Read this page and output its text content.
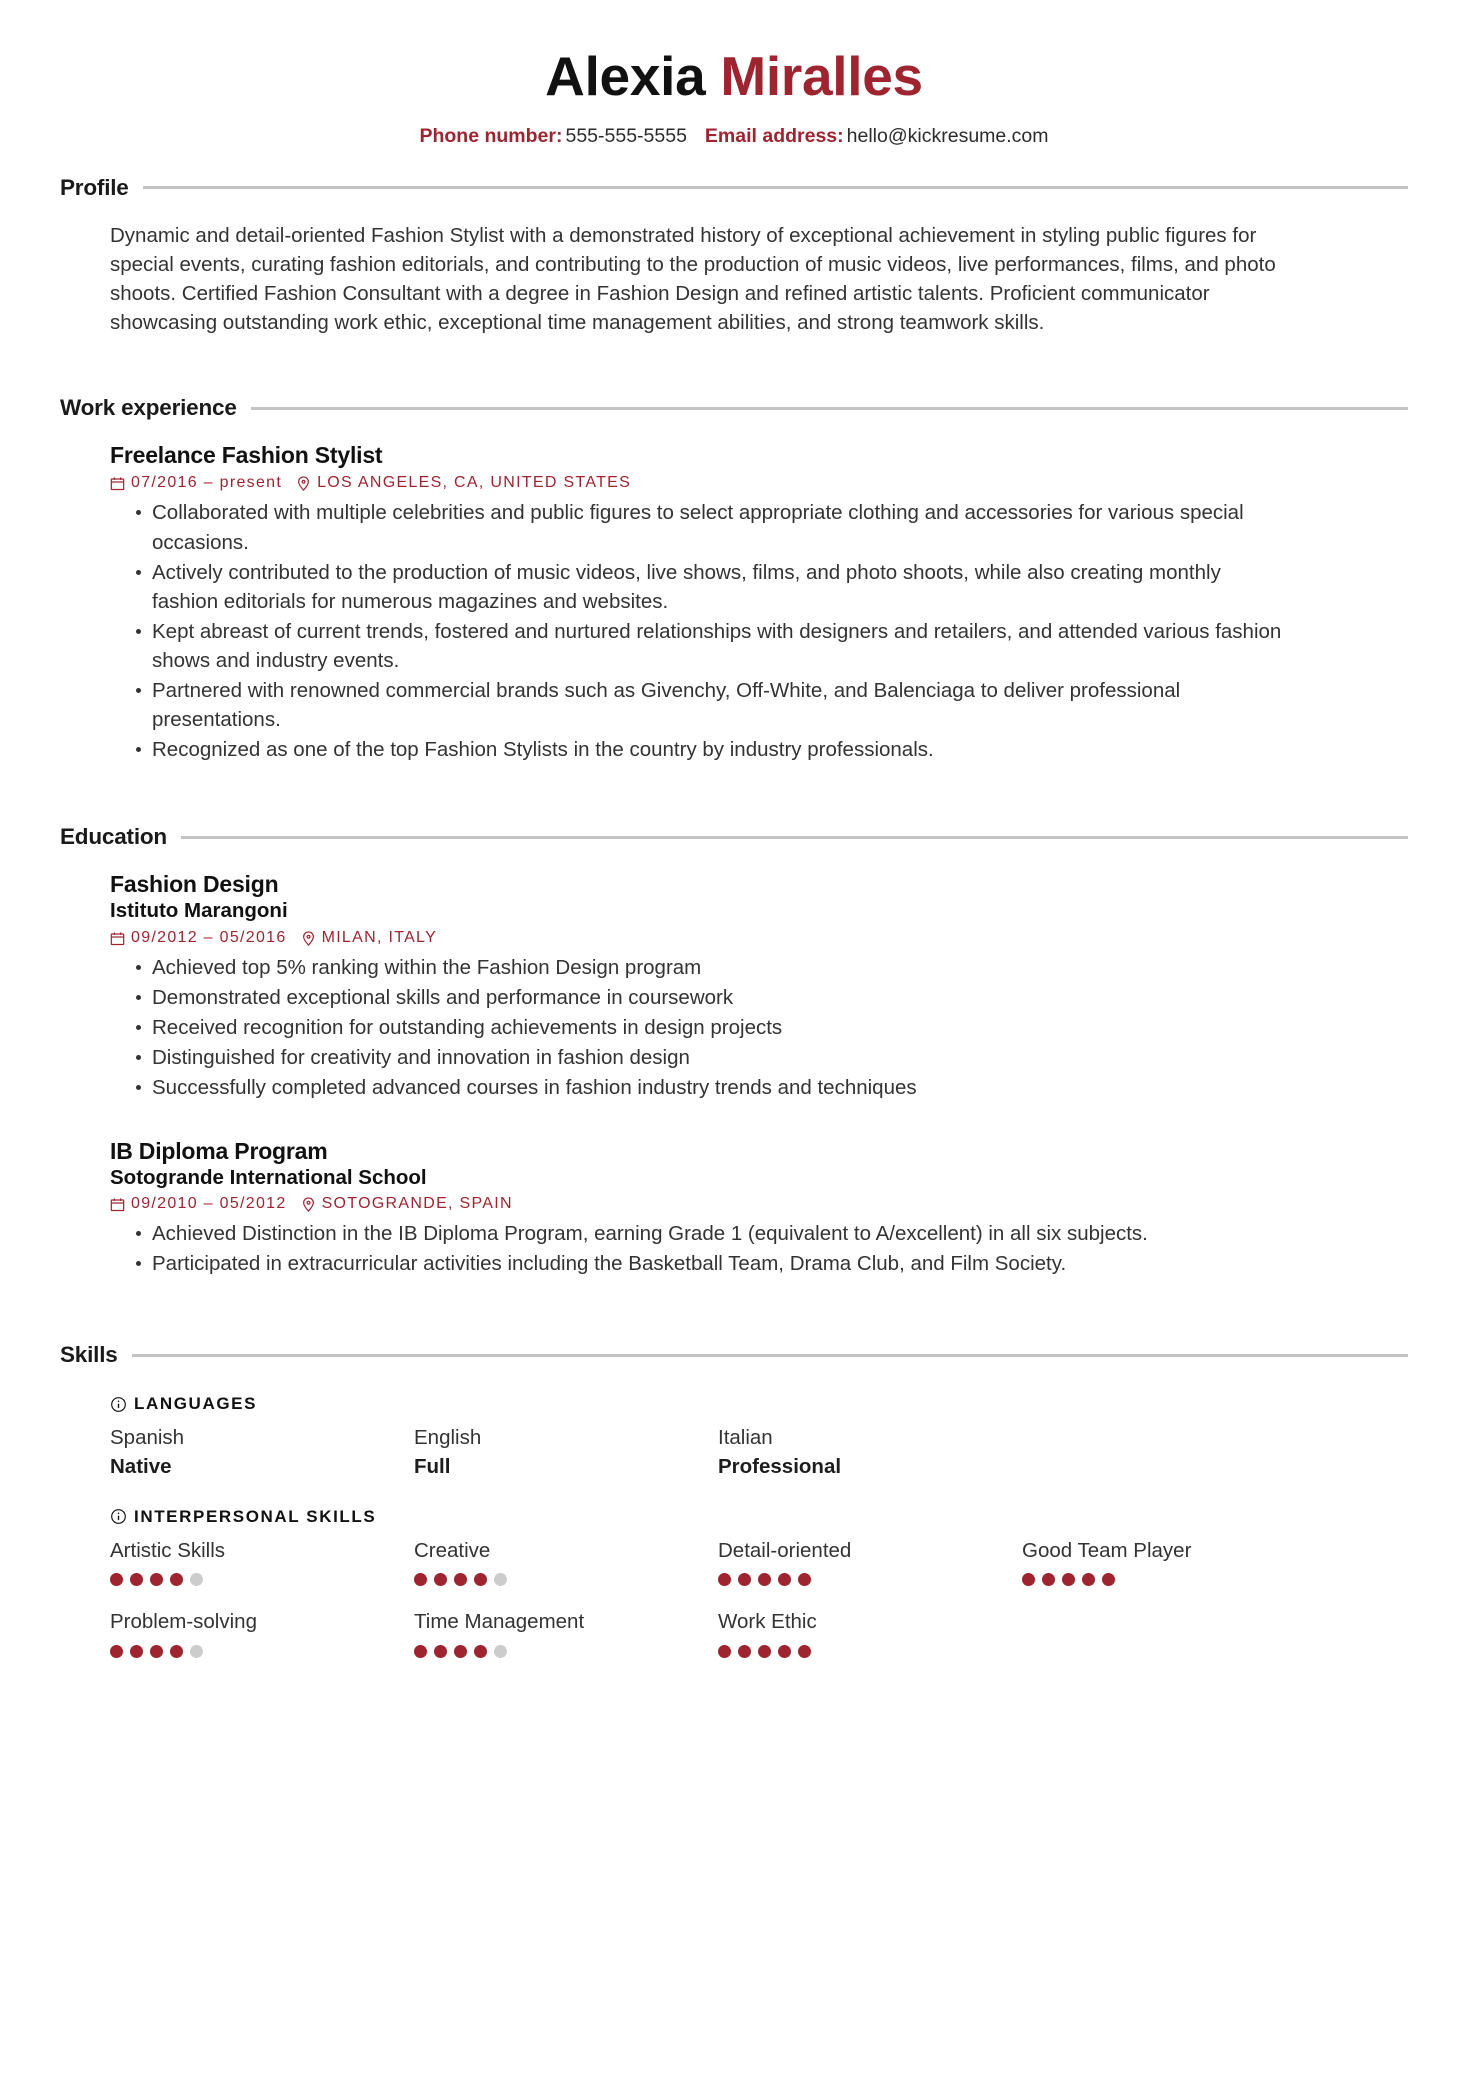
Alexia Miralles
Phone number: 555-555-5555 Email address: hello@kickresume.com
Profile

Dynamic and detail-oriented Fashion Stylist with a demonstrated history of exceptional achievement in styling public figures for special events, curating fashion editorials, and contributing to the production of music videos, live performances, films, and photo shoots. Certified Fashion Consultant with a degree in Fashion Design and refined artistic talents. Proficient communicator showcasing outstanding work ethic, exceptional time management abilities, and strong teamwork skills.

Work experience
Freelance Fashion Stylist
07/2016 – present LOS ANGELES, CA, UNITED STATES
Collaborated with multiple celebrities and public figures to select appropriate clothing and accessories for various special occasions.
Actively contributed to the production of music videos, live shows, films, and photo shoots, while also creating monthly fashion editorials for numerous magazines and websites.
Kept abreast of current trends, fostered and nurtured relationships with designers and retailers, and attended various fashion shows and industry events.
Partnered with renowned commercial brands such as Givenchy, Off-White, and Balenciaga to deliver professional presentations.
Recognized as one of the top Fashion Stylists in the country by industry professionals.
Education
Fashion Design
Istituto Marangoni
09/2012 – 05/2016 MILAN, ITALY
Achieved top 5% ranking within the Fashion Design program
Demonstrated exceptional skills and performance in coursework
Received recognition for outstanding achievements in design projects
Distinguished for creativity and innovation in fashion design
Successfully completed advanced courses in fashion industry trends and techniques
IB Diploma Program
Sotogrande International School
09/2010 – 05/2012 SOTOGRANDE, SPAIN
Achieved Distinction in the IB Diploma Program, earning Grade 1 (equivalent to A/excellent) in all six subjects.
Participated in extracurricular activities including the Basketball Team, Drama Club, and Film Society.
Skills
LANGUAGES
Spanish
Native
English
Full
Italian
Professional
INTERPERSONAL SKILLS
Artistic Skills	Creative	Detail-oriented	Good Team Player
Problem-solving	Time Management	Work Ethic
